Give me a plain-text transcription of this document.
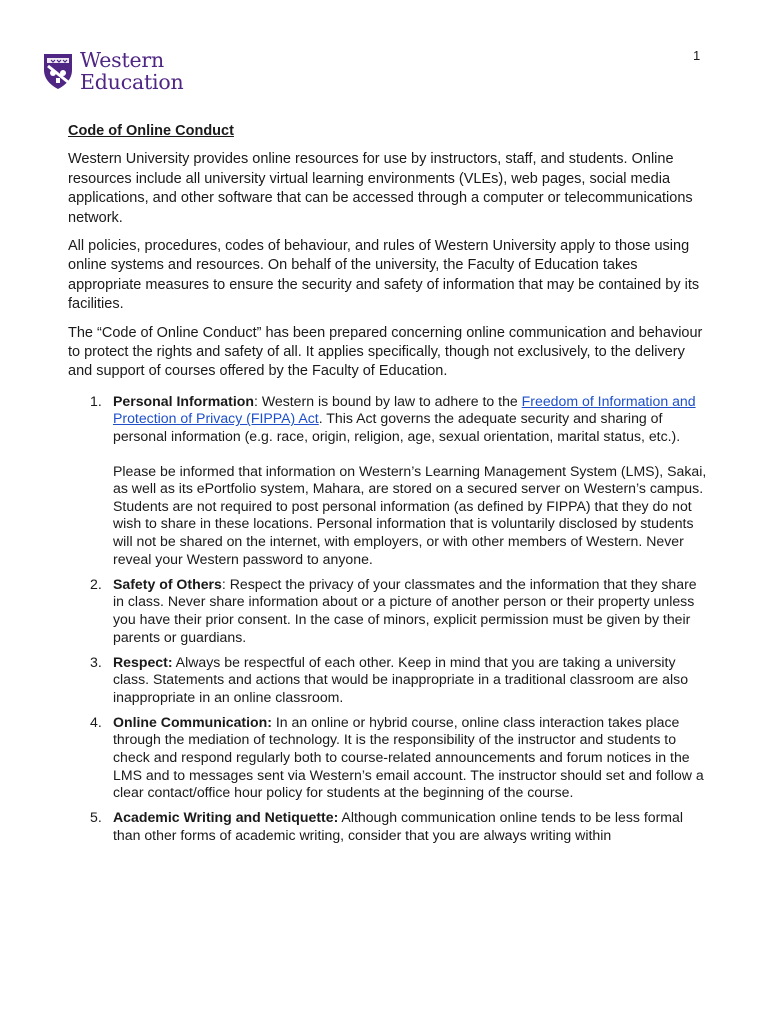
1
Western
Education
Code of Online Conduct

Western University provides online resources for use by instructors, staff, and students. Online resources include all university virtual learning environments (VLEs), web pages, social media applications, and other software that can be accessed through a computer or telecommunications network.

All policies, procedures, codes of behaviour, and rules of Western University apply to those using online systems and resources. On behalf of the university, the Faculty of Education takes appropriate measures to ensure the security and safety of information that may be contained by its facilities.

The “Code of Online Conduct” has been prepared concerning online communication and behaviour to protect the rights and safety of all. It applies specifically, though not exclusively, to the delivery and support of courses offered by the Faculty of Education.

1. Personal Information: Western is bound by law to adhere to the Freedom of Information and Protection of Privacy (FIPPA) Act. This Act governs the adequate security and sharing of personal information (e.g. race, origin, religion, age, sexual orientation, marital status, etc.).
Please be informed that information on Western’s Learning Management System (LMS), Sakai, as well as its ePortfolio system, Mahara, are stored on a secured server on Western’s campus. Students are not required to post personal information (as defined by FIPPA) that they do not wish to share in these locations. Personal information that is voluntarily disclosed by students will not be shared on the internet, with employers, or with other members of Western. Never reveal your Western password to anyone.
2. Safety of Others: Respect the privacy of your classmates and the information that they share in class. Never share information about or a picture of another person or their property unless you have their prior consent. In the case of minors, explicit permission must be given by their parents or guardians.
3. Respect: Always be respectful of each other. Keep in mind that you are taking a university class. Statements and actions that would be inappropriate in a traditional classroom are also inappropriate in an online classroom.
4. Online Communication: In an online or hybrid course, online class interaction takes place through the mediation of technology. It is the responsibility of the instructor and students to check and respond regularly both to course-related announcements and forum notices in the LMS and to messages sent via Western’s email account. The instructor should set and follow a clear contact/office hour policy for students at the beginning of the course.
5. Academic Writing and Netiquette: Although communication online tends to be less formal than other forms of academic writing, consider that you are always writing within
